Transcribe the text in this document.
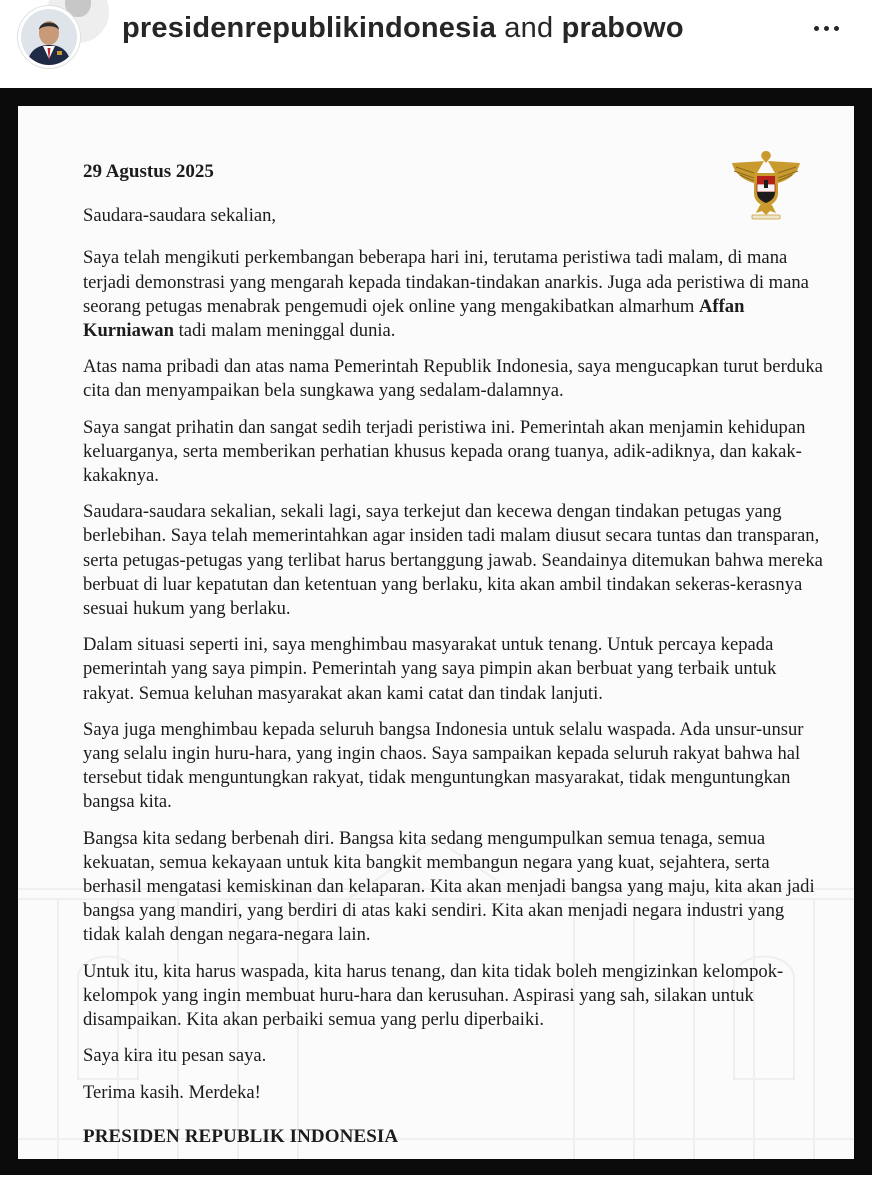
presidenrepublikindonesia and prabowo
29 Agustus 2025

Saudara-saudara sekalian,

Saya telah mengikuti perkembangan beberapa hari ini, terutama peristiwa tadi malam, di mana terjadi demonstrasi yang mengarah kepada tindakan-tindakan anarkis. Juga ada peristiwa di mana seorang petugas menabrak pengemudi ojek online yang mengakibatkan almarhum Affan Kurniawan tadi malam meninggal dunia.

Atas nama pribadi dan atas nama Pemerintah Republik Indonesia, saya mengucapkan turut berduka cita dan menyampaikan bela sungkawa yang sedalam-dalamnya.

Saya sangat prihatin dan sangat sedih terjadi peristiwa ini. Pemerintah akan menjamin kehidupan keluarganya, serta memberikan perhatian khusus kepada orang tuanya, adik-adiknya, dan kakak-kakaknya.

Saudara-saudara sekalian, sekali lagi, saya terkejut dan kecewa dengan tindakan petugas yang berlebihan. Saya telah memerintahkan agar insiden tadi malam diusut secara tuntas dan transparan, serta petugas-petugas yang terlibat harus bertanggung jawab. Seandainya ditemukan bahwa mereka berbuat di luar kepatutan dan ketentuan yang berlaku, kita akan ambil tindakan sekeras-kerasnya sesuai hukum yang berlaku.

Dalam situasi seperti ini, saya menghimbau masyarakat untuk tenang. Untuk percaya kepada pemerintah yang saya pimpin. Pemerintah yang saya pimpin akan berbuat yang terbaik untuk rakyat. Semua keluhan masyarakat akan kami catat dan tindak lanjuti.

Saya juga menghimbau kepada seluruh bangsa Indonesia untuk selalu waspada. Ada unsur-unsur yang selalu ingin huru-hara, yang ingin chaos. Saya sampaikan kepada seluruh rakyat bahwa hal tersebut tidak menguntungkan rakyat, tidak menguntungkan masyarakat, tidak menguntungkan bangsa kita.

Bangsa kita sedang berbenah diri. Bangsa kita sedang mengumpulkan semua tenaga, semua kekuatan, semua kekayaan untuk kita bangkit membangun negara yang kuat, sejahtera, serta berhasil mengatasi kemiskinan dan kelaparan. Kita akan menjadi bangsa yang maju, kita akan jadi bangsa yang mandiri, yang berdiri di atas kaki sendiri. Kita akan menjadi negara industri yang tidak kalah dengan negara-negara lain.

Untuk itu, kita harus waspada, kita harus tenang, dan kita tidak boleh mengizinkan kelompok-kelompok yang ingin membuat huru-hara dan kerusuhan. Aspirasi yang sah, silakan untuk disampaikan. Kita akan perbaiki semua yang perlu diperbaiki.

Saya kira itu pesan saya.

Terima kasih. Merdeka!

PRESIDEN REPUBLIK INDONESIA
